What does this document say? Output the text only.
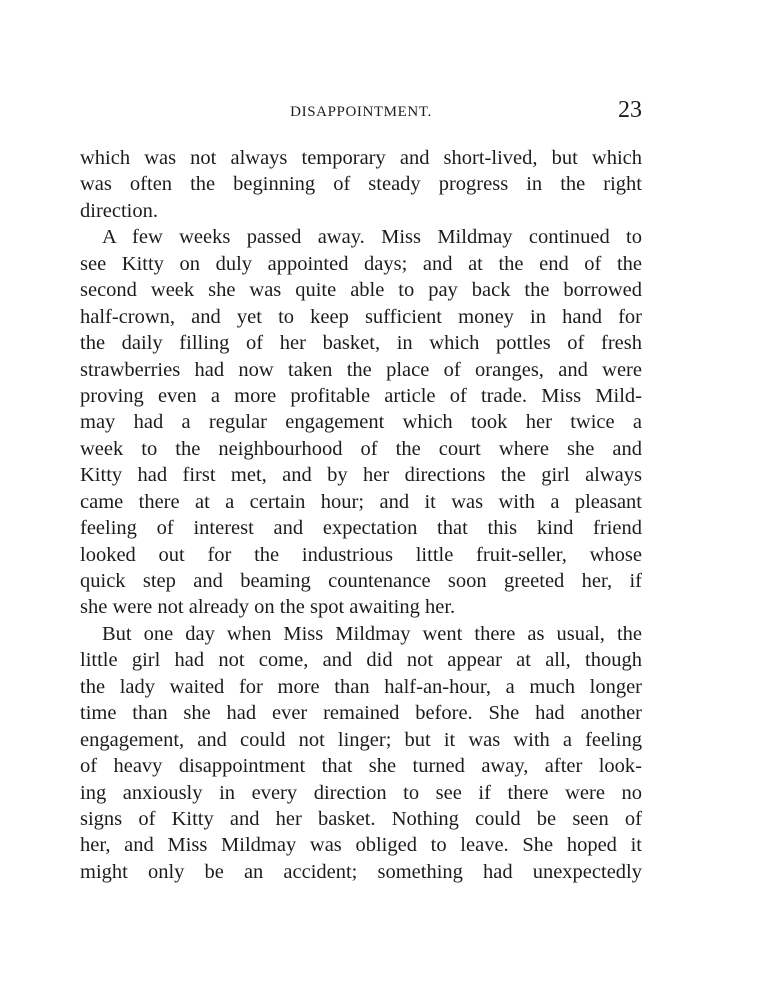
DISAPPOINTMENT.	23
which was not always temporary and short-lived, but which
was often the beginning of steady progress in the right
direction.
A few weeks passed away. Miss Mildmay continued to
see Kitty on duly appointed days; and at the end of the
second week she was quite able to pay back the borrowed
half-crown, and yet to keep sufficient money in hand for
the daily filling of her basket, in which pottles of fresh
strawberries had now taken the place of oranges, and were
proving even a more profitable article of trade. Miss Mild-
may had a regular engagement which took her twice a
week to the neighbourhood of the court where she and
Kitty had first met, and by her directions the girl always
came there at a certain hour; and it was with a pleasant
feeling of interest and expectation that this kind friend
looked out for the industrious little fruit-seller, whose
quick step and beaming countenance soon greeted her, if
she were not already on the spot awaiting her.
But one day when Miss Mildmay went there as usual, the
little girl had not come, and did not appear at all, though
the lady waited for more than half-an-hour, a much longer
time than she had ever remained before. She had another
engagement, and could not linger; but it was with a feeling
of heavy disappointment that she turned away, after look-
ing anxiously in every direction to see if there were no
signs of Kitty and her basket. Nothing could be seen of
her, and Miss Mildmay was obliged to leave. She hoped it
might only be an accident; something had unexpectedly
